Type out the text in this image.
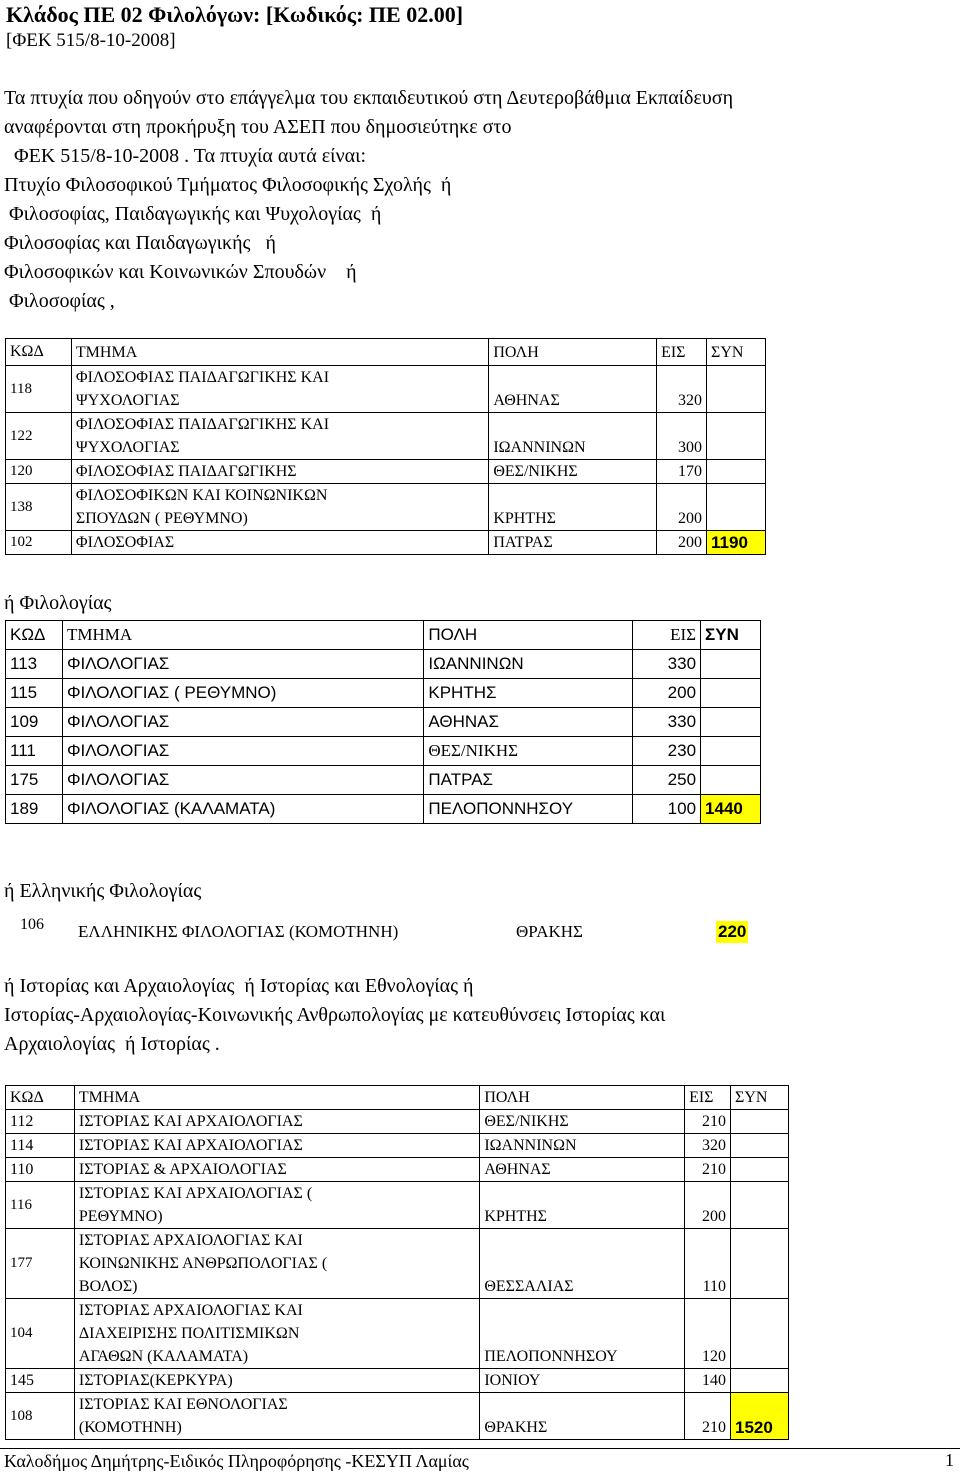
Κλάδος ΠΕ 02 Φιλολόγων: [Κωδικός: ΠΕ 02.00]
[ΦΕΚ 515/8-10-2008]
Τα πτυχία που οδηγούν στο επάγγελμα του εκπαιδευτικού στη Δευτεροβάθμια Εκπαίδευση
αναφέρονται στη προκήρυξη του ΑΣΕΠ που δημοσιεύτηκε στο
ΦΕΚ 515/8-10-2008 . Τα πτυχία αυτά είναι:
Πτυχίο Φιλοσοφικού Τμήματος Φιλοσοφικής Σχολής  ή
Φιλοσοφίας, Παιδαγωγικής και Ψυχολογίας  ή
Φιλοσοφίας και Παιδαγωγικής   ή
Φιλοσοφικών και Κοινωνικών Σπουδών    ή
Φιλοσοφίας ,
ΚΩΔ	ΤΜΗΜΑ	ΠΟΛΗ	ΕΙΣ	ΣΥΝ
118	ΦΙΛΟΣΟΦΙΑΣ ΠΑΙΔΑΓΩΓΙΚΗΣ ΚΑΙ
ΨΥΧΟΛΟΓΙΑΣ	ΑΘΗΝΑΣ	320	
122	ΦΙΛΟΣΟΦΙΑΣ ΠΑΙΔΑΓΩΓΙΚΗΣ ΚΑΙ
ΨΥΧΟΛΟΓΙΑΣ	ΙΩΑΝΝΙΝΩΝ	300	
120	ΦΙΛΟΣΟΦΙΑΣ ΠΑΙΔΑΓΩΓΙΚΗΣ	ΘΕΣ/ΝΙΚΗΣ	170	
138	ΦΙΛΟΣΟΦΙΚΩΝ ΚΑΙ ΚΟΙΝΩΝΙΚΩΝ
ΣΠΟΥΔΩΝ ( ΡΕΘΥΜΝΟ)	ΚΡΗΤΗΣ	200	
102	ΦΙΛΟΣΟΦΙΑΣ	ΠΑΤΡΑΣ	200	1190
ή Φιλολογίας
ΚΩΔ	ΤΜΗΜΑ	ΠΟΛΗ	ΕΙΣ	ΣΥΝ
113	ΦΙΛΟΛΟΓΙΑΣ	ΙΩΑΝΝΙΝΩΝ	330	
115	ΦΙΛΟΛΟΓΙΑΣ ( ΡΕΘΥΜΝΟ)	ΚΡΗΤΗΣ	200	
109	ΦΙΛΟΛΟΓΙΑΣ	ΑΘΗΝΑΣ	330	
111	ΦΙΛΟΛΟΓΙΑΣ	ΘΕΣ/ΝΙΚΗΣ	230	
175	ΦΙΛΟΛΟΓΙΑΣ	ΠΑΤΡΑΣ	250	
189	ΦΙΛΟΛΟΓΙΑΣ (ΚΑΛΑΜΑΤΑ)	ΠΕΛΟΠΟΝΝΗΣΟΥ	100	1440
ή Ελληνικής Φιλολογίας
106 ΕΛΛΗΝΙΚΗΣ ΦΙΛΟΛΟΓΙΑΣ (ΚΟΜΟΤΗΝΗ)	ΘΡΑΚΗΣ	220
ή Ιστορίας και Αρχαιολογίας  ή Ιστορίας και Εθνολογίας ή
Ιστορίας-Αρχαιολογίας-Κοινωνικής Ανθρωπολογίας με κατευθύνσεις Ιστορίας και
Αρχαιολογίας  ή Ιστορίας .
ΚΩΔ	ΤΜΗΜΑ	ΠΟΛΗ	ΕΙΣ	ΣΥΝ
112	ΙΣΤΟΡΙΑΣ ΚΑΙ ΑΡΧΑΙΟΛΟΓΙΑΣ	ΘΕΣ/ΝΙΚΗΣ	210	
114	ΙΣΤΟΡΙΑΣ ΚΑΙ ΑΡΧΑΙΟΛΟΓΙΑΣ	ΙΩΑΝΝΙΝΩΝ	320	
110	ΙΣΤΟΡΙΑΣ & ΑΡΧΑΙΟΛΟΓΙΑΣ	ΑΘΗΝΑΣ	210	
116	ΙΣΤΟΡΙΑΣ ΚΑΙ ΑΡΧΑΙΟΛΟΓΙΑΣ (
ΡΕΘΥΜΝΟ)	ΚΡΗΤΗΣ	200	
177	ΙΣΤΟΡΙΑΣ ΑΡΧΑΙΟΛΟΓΙΑΣ ΚΑΙ
ΚΟΙΝΩΝΙΚΗΣ ΑΝΘΡΩΠΟΛΟΓΙΑΣ (
ΒΟΛΟΣ)	ΘΕΣΣΑΛΙΑΣ	110	
104	ΙΣΤΟΡΙΑΣ ΑΡΧΑΙΟΛΟΓΙΑΣ ΚΑΙ
ΔΙΑΧΕΙΡΙΣΗΣ ΠΟΛΙΤΙΣΜΙΚΩΝ
ΑΓΑΘΩΝ (ΚΑΛΑΜΑΤΑ)	ΠΕΛΟΠΟΝΝΗΣΟΥ	120	
145	ΙΣΤΟΡΙΑΣ(ΚΕΡΚΥΡΑ)	ΙΟΝΙΟΥ	140	
108	ΙΣΤΟΡΙΑΣ ΚΑΙ ΕΘΝΟΛΟΓΙΑΣ
(ΚΟΜΟΤΗΝΗ)	ΘΡΑΚΗΣ	210	1520
Καλοδήμος Δημήτρης-Ειδικός Πληροφόρησης -ΚΕΣΥΠ Λαμίας	1
